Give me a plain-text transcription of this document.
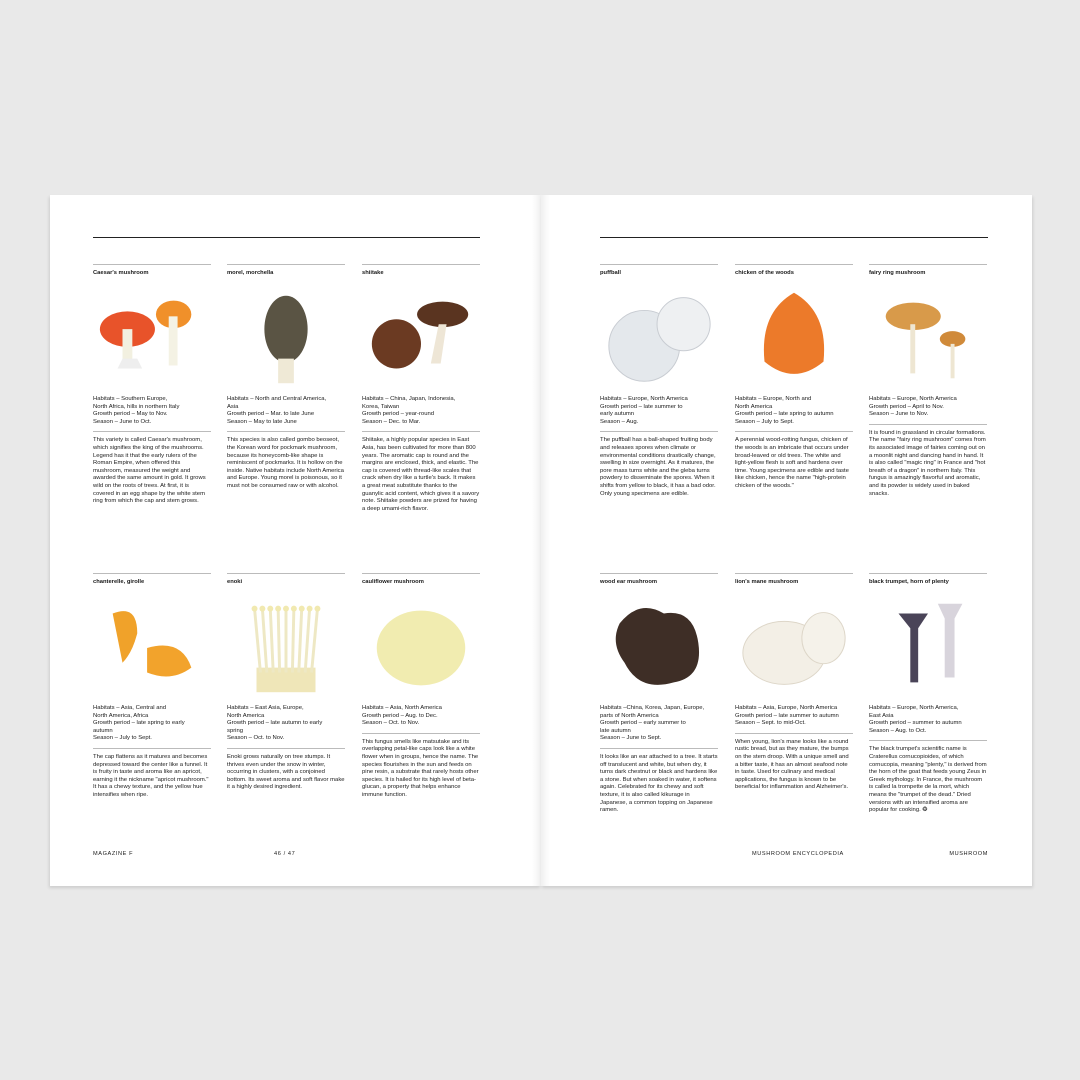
Caesar's mushroom
Habitats – Southern Europe,
North Africa, hills in northern Italy
Growth period – May to Nov.
Season – June to Oct.
This variety is called Caesar's mushroom, which signifies the king of the mushrooms. Legend has it that the early rulers of the Roman Empire, when offered this mushroom, measured the weight and awarded the same amount in gold. It grows wild on the roots of trees. At first, it is covered in an egg shape by the white stem ring from which the cap and stem grows.
morel, morchella
Habitats – North and Central America,
Asia
Growth period – Mar. to late June
Season – May to late June
This species is also called gombo beoseot, the Korean word for pockmark mushroom, because its honeycomb-like shape is reminiscent of pockmarks. It is hollow on the inside. Native habitats include North America and Europe. Young morel is poisonous, so it must not be consumed raw or with alcohol.
shiitake
Habitats – China, Japan, Indonesia,
Korea, Taiwan
Growth period – year-round
Season – Dec. to Mar.
Shiitake, a highly popular species in East Asia, has been cultivated for more than 800 years. The aromatic cap is round and the margins are enclosed, thick, and elastic. The cap is covered with thread-like scales that crack when dry like a turtle's back. It makes a great meat substitute thanks to the guanylic acid content, which gives it a savory note. Shiitake powders are prized for having a deep umami-rich flavor.
chanterelle, girolle
Habitats – Asia, Central and
North America, Africa
Growth period – late spring to early
autumn
Season – July to Sept.
The cap flattens as it matures and becomes depressed toward the center like a funnel. It is fruity in taste and aroma like an apricot, earning it the nickname "apricot mushroom." It has a chewy texture, and the yellow hue intensifies when ripe.
enoki
Habitats – East Asia, Europe,
North America
Growth period – late autumn to early
spring
Season – Oct. to Nov.
Enoki grows naturally on tree stumps. It thrives even under the snow in winter, occurring in clusters, with a conjoined bottom. Its sweet aroma and soft flavor make it a highly desired ingredient.
cauliflower mushroom
Habitats – Asia, North America
Growth period – Aug. to Dec.
Season – Oct. to Nov.
This fungus smells like matsutake and its overlapping petal-like caps look like a white flower when in groups, hence the name. The species flourishes in the sun and feeds on pine resin, a substrate that rarely hosts other species. It is hailed for its high level of beta-glucan, a property that helps enhance immune function.
MAGAZINE F	46 / 47
puffball
Habitats – Europe, North America
Growth period – late summer to
early autumn
Season – Aug.
The puffball has a ball-shaped fruiting body and releases spores when climate or environmental conditions drastically change, swelling in size overnight. As it matures, the pore mass turns white and the gleba turns powdery to disseminate the spores. When it shifts from yellow to black, it has a bad odor. Only young specimens are edible.
chicken of the woods
Habitats – Europe, North and
North America
Growth period – late spring to autumn
Season – July to Sept.
A perennial wood-rotting fungus, chicken of the woods is an imbricate that occurs under broad-leaved or old trees. The white and light-yellow flesh is soft and hardens over time. Young specimens are edible and taste like chicken, hence the name "high-protein chicken of the woods."
fairy ring mushroom
Habitats – Europe, North America
Growth period – April to Nov.
Season – June to Nov.
It is found in grassland in circular formations. The name "fairy ring mushroom" comes from its associated image of fairies coming out on a moonlit night and dancing hand in hand. It is also called "magic ring" in France and "hot breath of a dragon" in northern Italy. This fungus is amazingly flavorful and aromatic, and its powder is widely used in baked snacks.
wood ear mushroom
Habitats –China, Korea, Japan, Europe,
parts of North America
Growth period – early summer to
late autumn
Season – June to Sept.
It looks like an ear attached to a tree. It starts off translucent and white, but when dry, it turns dark chestnut or black and hardens like a stone. But when soaked in water, it softens again. Celebrated for its chewy and soft texture, it is also called kikurage in Japanese, a common topping on Japanese ramen.
lion's mane mushroom
Habitats – Asia, Europe, North America
Growth period – late summer to autumn
Season – Sept. to mid-Oct.
When young, lion's mane looks like a round rustic bread, but as they mature, the bumps on the stem droop. With a unique smell and a bitter taste, it has an almost seafood note in taste. Used for culinary and medical applications, the fungus is known to be beneficial for inflammation and Alzheimer's.
black trumpet, horn of plenty
Habitats – Europe, North America,
East Asia
Growth period – summer to autumn
Season – Aug. to Oct.
The black trumpet's scientific name is Craterellus cornucopioides, of which cornucopia, meaning "plenty," is derived from the horn of the goat that feeds young Zeus in Greek mythology. In France, the mushroom is called la trompette de la mort, which means the "trumpet of the dead." Dried versions with an intensified aroma are popular for cooking. ❂
MUSHROOM ENCYCLOPEDIA	MUSHROOM
